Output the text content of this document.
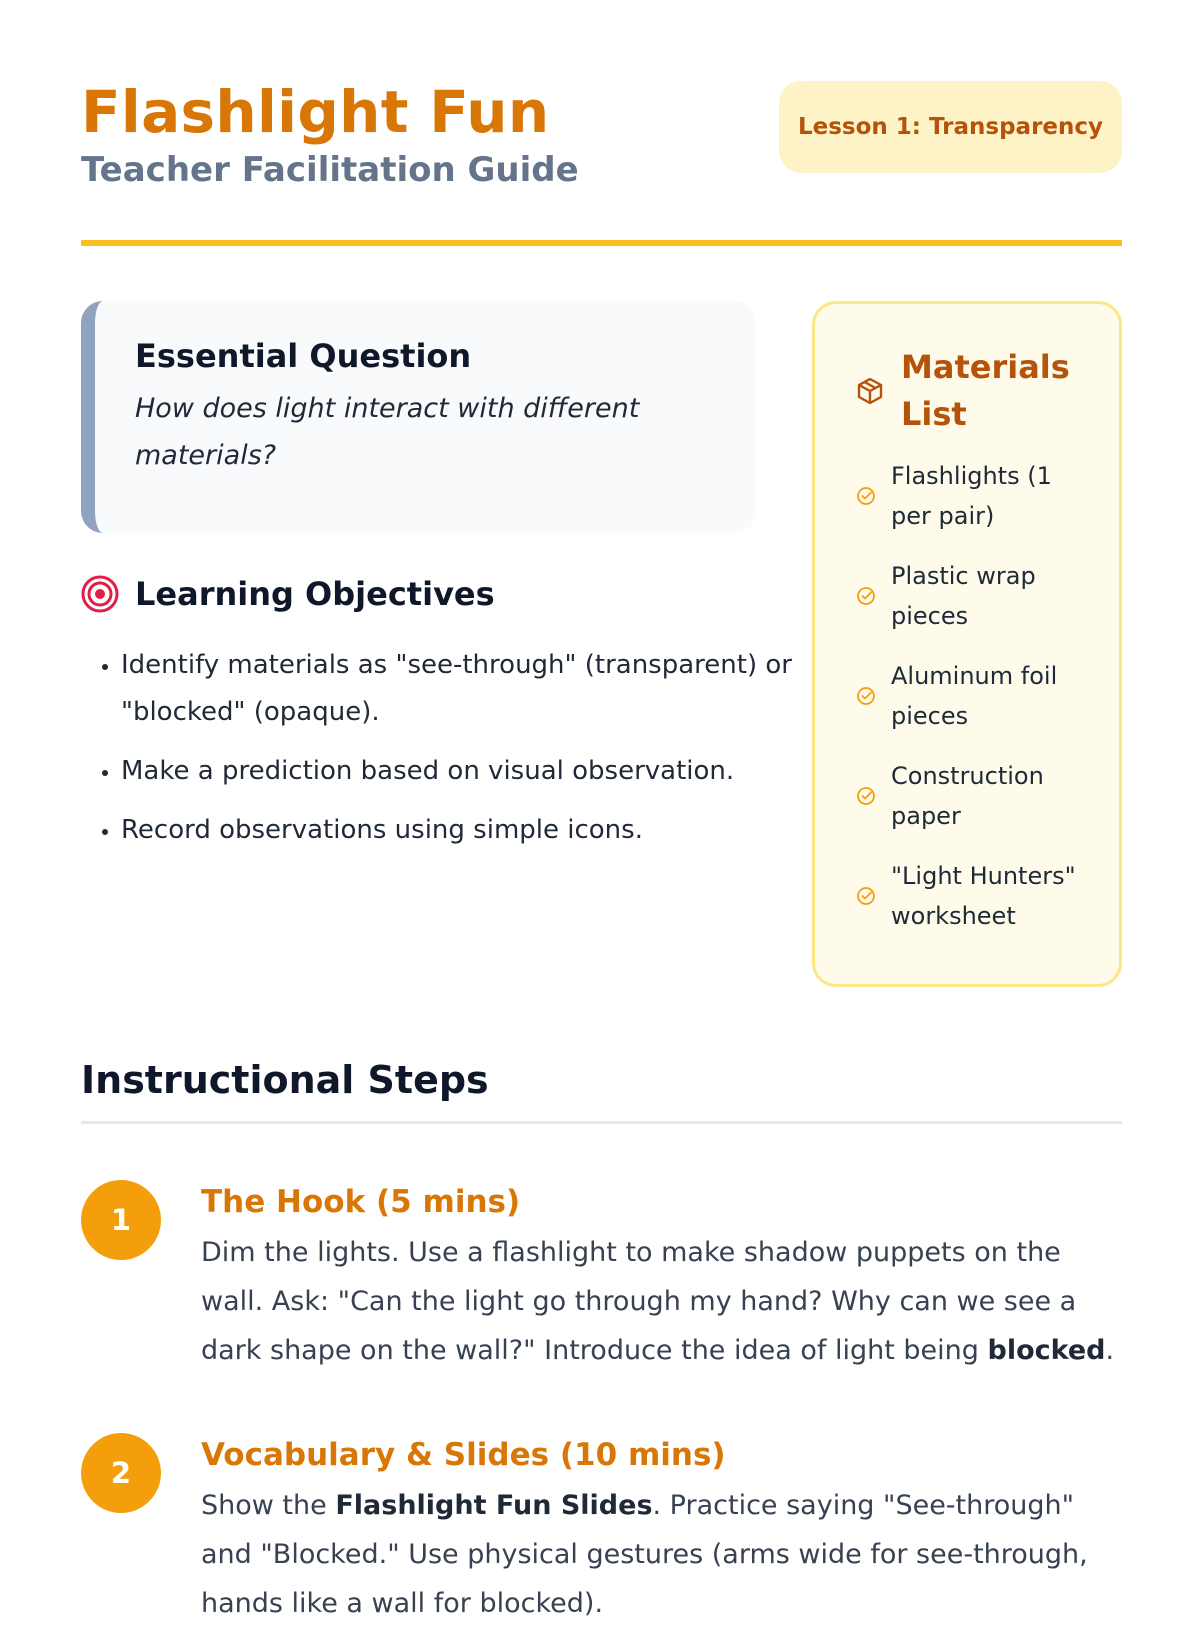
Flashlight Fun
Teacher Facilitation Guide
Lesson 1: Transparency
Essential Question

How does light interact with different materials?

Learning Objectives
• Identify materials as "see-through" (transparent) or "blocked" (opaque).
• Make a prediction based on visual observation.
• Record observations using simple icons.
Materials List
Flashlights (1 per pair)
Plastic wrap pieces
Aluminum foil pieces
Construction paper
"Light Hunters" worksheet
Instructional Steps
1	The Hook (5 mins)

Dim the lights. Use a flashlight to make shadow puppets on the wall. Ask: "Can the light go through my hand? Why can we see a dark shape on the wall?" Introduce the idea of light being blocked.

2	Vocabulary & Slides (10 mins)

Show the Flashlight Fun Slides. Practice saying "See-through" and "Blocked." Use physical gestures (arms wide for see-through, hands like a wall for blocked).
